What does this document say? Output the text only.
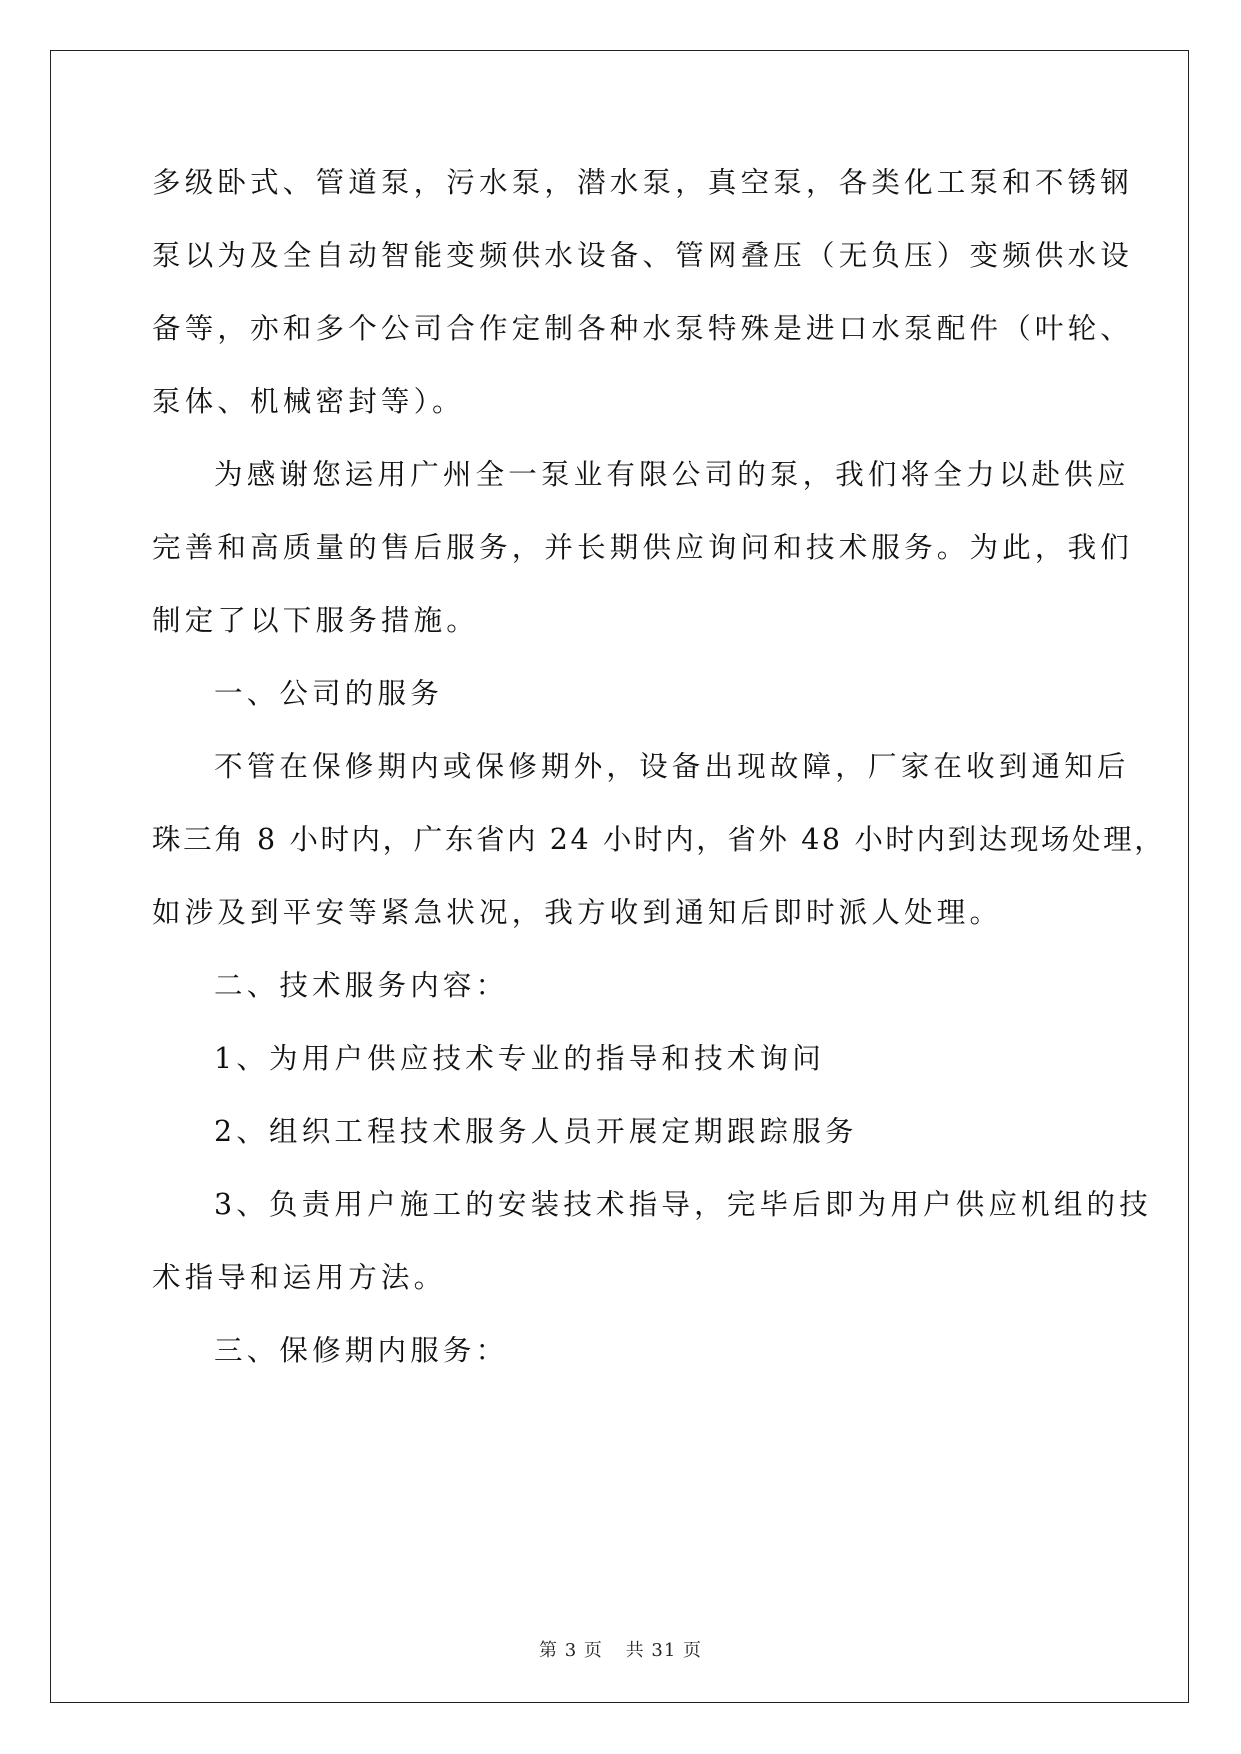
多级卧式、管道泵，污水泵，潜水泵，真空泵，各类化工泵和不锈钢

泵以为及全自动智能变频供水设备、管网叠压（无负压）变频供水设

备等，亦和多个公司合作定制各种水泵特殊是进口水泵配件（叶轮、

泵体、机械密封等）。

为感谢您运用广州全一泵业有限公司的泵，我们将全力以赴供应

完善和高质量的售后服务，并长期供应询问和技术服务。为此，我们

制定了以下服务措施。

一、公司的服务

不管在保修期内或保修期外，设备出现故障，厂家在收到通知后

珠三角 8 小时内，广东省内 24 小时内，省外 48 小时内到达现场处理，

如涉及到平安等紧急状况，我方收到通知后即时派人处理。

二、技术服务内容：

1、为用户供应技术专业的指导和技术询问

2、组织工程技术服务人员开展定期跟踪服务

3、负责用户施工的安装技术指导，完毕后即为用户供应机组的技

术指导和运用方法。

三、保修期内服务：

第 3 页 共 31 页
